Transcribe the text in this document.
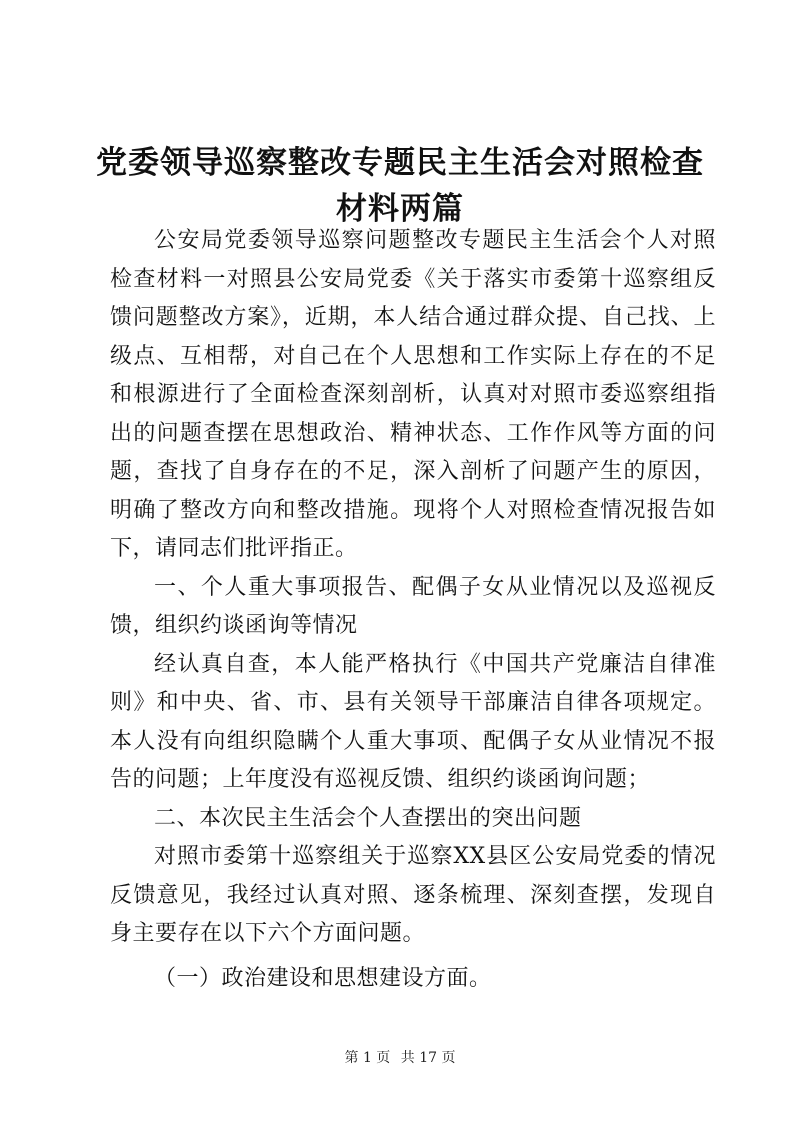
党委领导巡察整改专题民主生活会对照检查材料两篇

公安局党委领导巡察问题整改专题民主生活会个人对照检查材料一对照县公安局党委《关于落实市委第十巡察组反馈问题整改方案》，近期，本人结合通过群众提、自己找、上级点、互相帮，对自己在个人思想和工作实际上存在的不足和根源进行了全面检查深刻剖析，认真对对照市委巡察组指出的问题查摆在思想政治、精神状态、工作作风等方面的问题，查找了自身存在的不足，深入剖析了问题产生的原因，明确了整改方向和整改措施。现将个人对照检查情况报告如下，请同志们批评指正。

一、个人重大事项报告、配偶子女从业情况以及巡视反馈，组织约谈函询等情况

经认真自查，本人能严格执行《中国共产党廉洁自律准则》和中央、省、市、县有关领导干部廉洁自律各项规定。本人没有向组织隐瞒个人重大事项、配偶子女从业情况不报告的问题；上年度没有巡视反馈、组织约谈函询问题；

二、本次民主生活会个人查摆出的突出问题

对照市委第十巡察组关于巡察XX县区公安局党委的情况反馈意见，我经过认真对照、逐条梳理、深刻查摆，发现自身主要存在以下六个方面问题。

（一）政治建设和思想建设方面。

第 1 页 共 17 页
